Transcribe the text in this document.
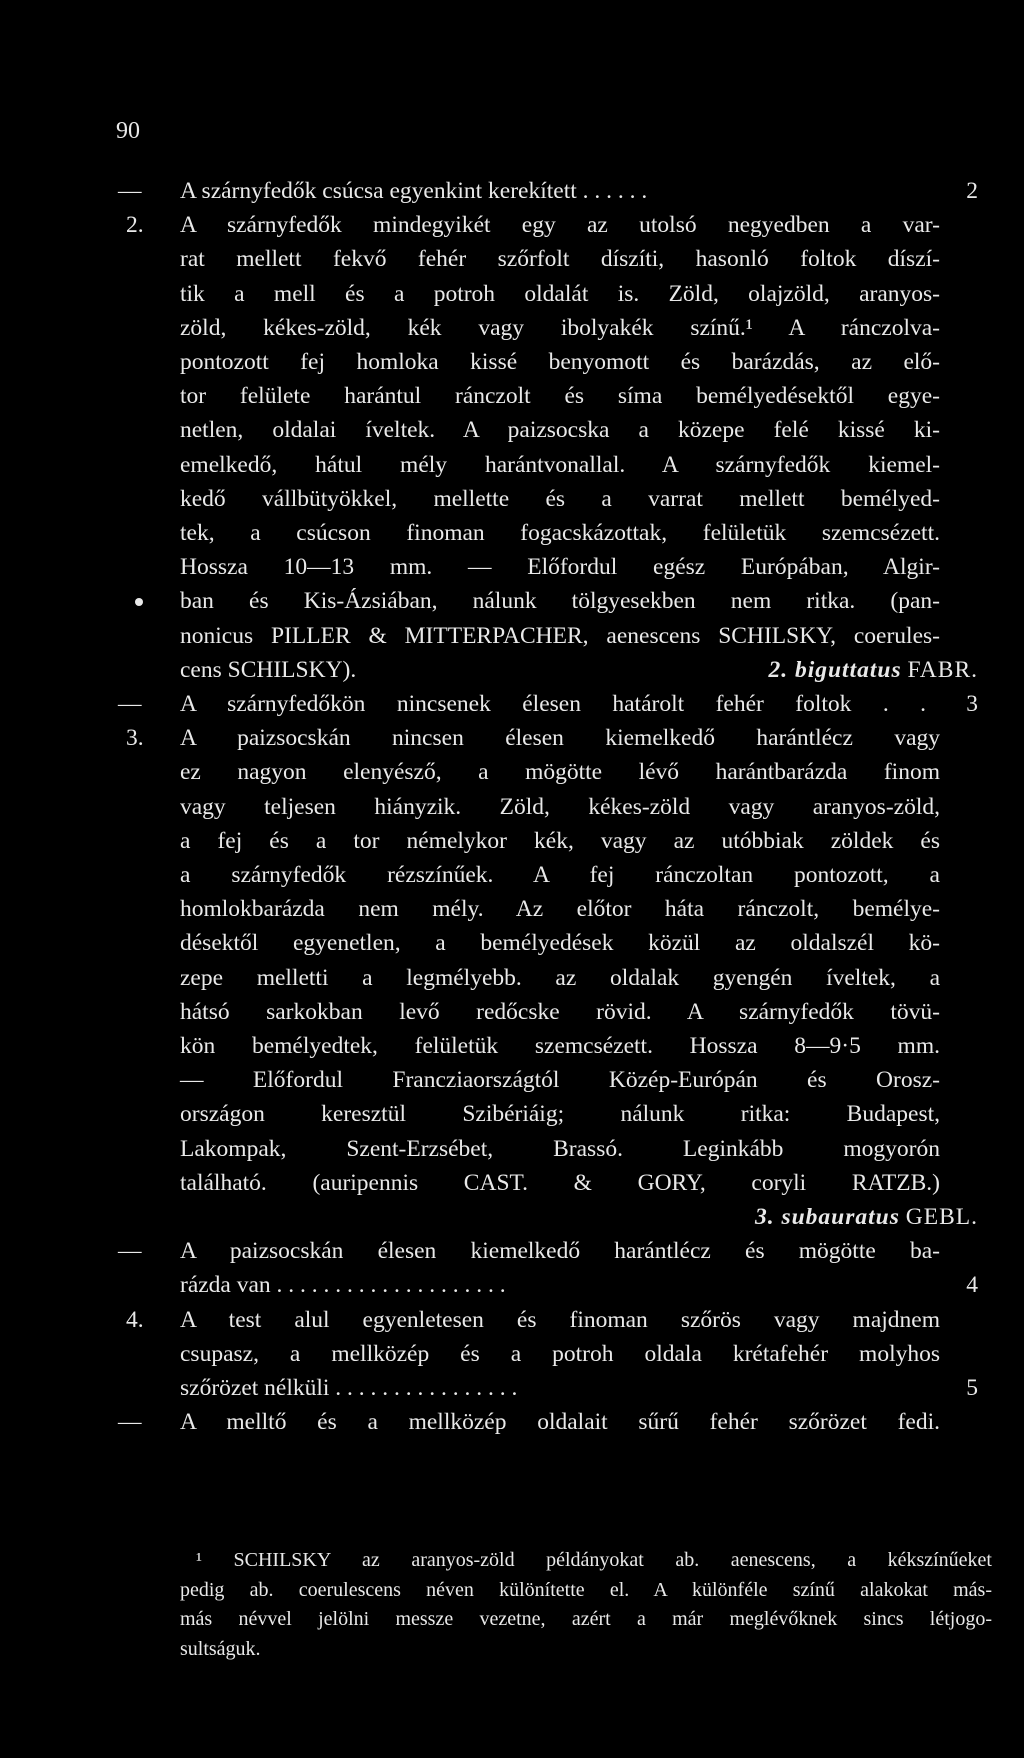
90
— A szárnyfedők csúcsa egyenkint kerekített . . . . . .	2
2. A szárnyfedők mindegyikét egy az utolsó negyedben a var-
rat mellett fekvő fehér szőrfolt díszíti, hasonló foltok díszí-
tik a mell és a potroh oldalát is. Zöld, olajzöld, aranyos-
zöld, kékes-zöld, kék vagy ibolyakék színű.¹ A ránczolva-
pontozott fej homloka kissé benyomott és barázdás, az elő-
tor felülete harántul ránczolt és síma bemélyedésektől egye-
netlen, oldalai íveltek. A paizsocska a közepe felé kissé ki-
emelkedő, hátul mély harántvonallal. A szárnyfedők kiemel-
kedő vállbütyökkel, mellette és a varrat mellett bemélyed-
tek, a csúcson finoman fogacskázottak, felületük szemcsézett.
Hossza 10—13 mm. — Előfordul egész Európában, Algir-
ban és Kis-Ázsiában, nálunk tölgyesekben nem ritka. (pan-
nonicus PILLER & MITTERPACHER, aenescens SCHILSKY, coerules-
cens SCHILSKY).	2. biguttatus FABR.
— A szárnyfedőkön nincsenek élesen határolt fehér foltok . . 3
3. A paizsocskán nincsen élesen kiemelkedő harántlécz vagy
ez nagyon elenyésző, a mögötte lévő harántbarázda finom
vagy teljesen hiányzik. Zöld, kékes-zöld vagy aranyos-zöld,
a fej és a tor némelykor kék, vagy az utóbbiak zöldek és
a szárnyfedők rézszínűek. A fej ránczoltan pontozott, a
homlokbarázda nem mély. Az előtor háta ránczolt, bemélye-
désektől egyenetlen, a bemélyedések közül az oldalszél kö-
zepe melletti a legmélyebb. az oldalak gyengén íveltek, a
hátsó sarkokban levő redőcske rövid. A szárnyfedők tövü-
kön bemélyedtek, felületük szemcsézett. Hossza 8—9·5 mm.
— Előfordul Francziaországtól Közép-Európán és Orosz-
országon keresztül Szibériáig; nálunk ritka: Budapest,
Lakompak, Szent-Erzsébet, Brassó. Leginkább mogyorón
található. (auripennis CAST. & GORY, coryli RATZB.)
3. subauratus GEBL.
— A paizsocskán élesen kiemelkedő harántlécz és mögötte ba-
rázda van . . . . . . . . . . . . . . . . . . . .	4
4. A test alul egyenletesen és finoman szőrös vagy majdnem
csupasz, a mellközép és a potroh oldala krétafehér molyhos
szőrözet nélküli . . . . . . . . . . . . . . . .	5
— A melltő és a mellközép oldalait sűrű fehér szőrözet fedi.
¹ SCHILSKY az aranyos-zöld példányokat ab. aenescens, a kékszínűeket
pedig ab. coerulescens néven különítette el. A különféle színű alakokat más-
más névvel jelölni messze vezetne, azért a már meglévőknek sincs létjogo-
sultságuk.
